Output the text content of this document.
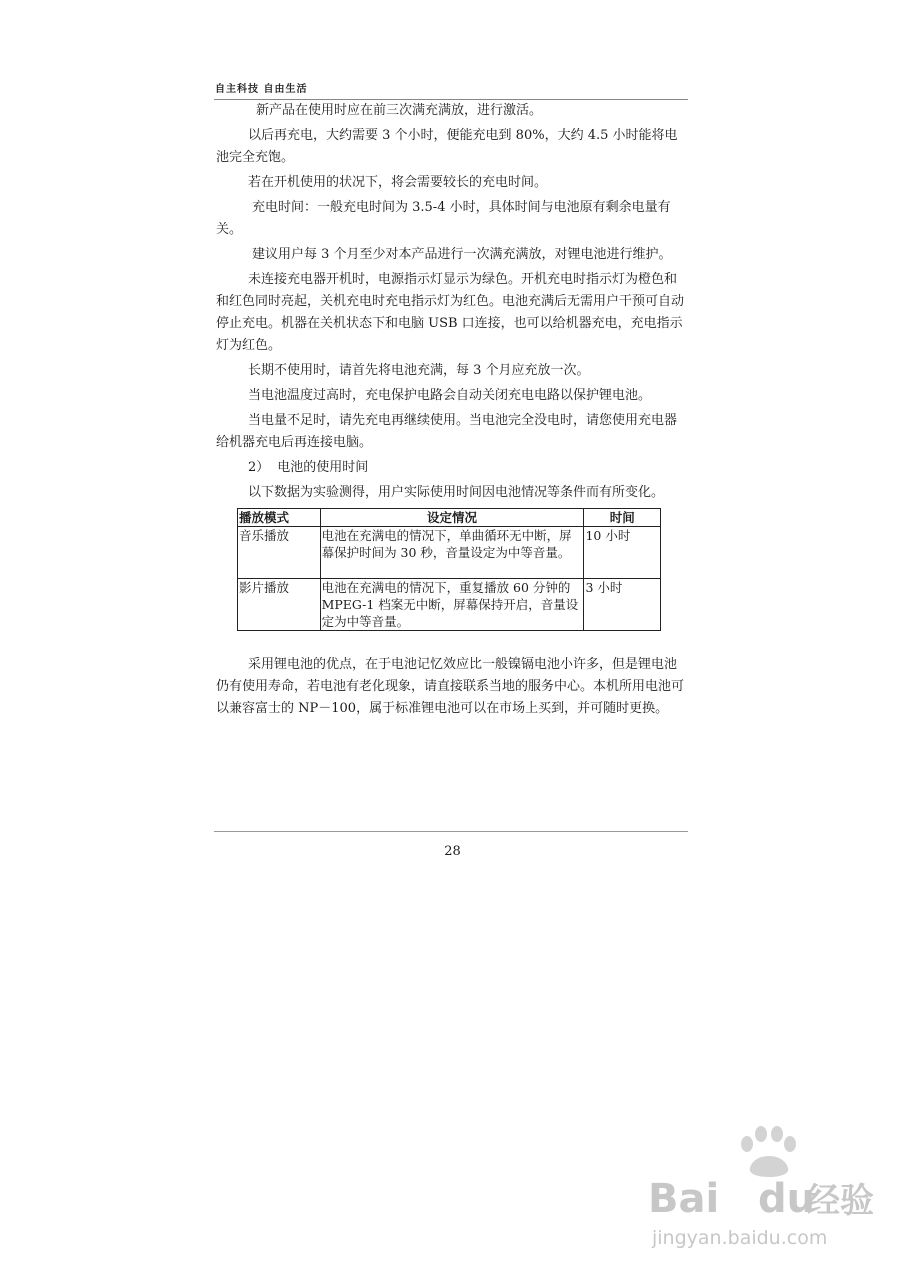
自主科技 自由生活

新产品在使用时应在前三次满充满放，进行激活。

以后再充电，大约需要 3 个小时，便能充电到 80%，大约 4.5 小时能将电池完全充饱。

若在开机使用的状况下，将会需要较长的充电时间。

充电时间：一般充电时间为 3.5-4 小时，具体时间与电池原有剩余电量有关。

建议用户每 3 个月至少对本产品进行一次满充满放，对锂电池进行维护。

未连接充电器开机时，电源指示灯显示为绿色。开机充电时指示灯为橙色和和红色同时亮起，关机充电时充电指示灯为红色。电池充满后无需用户干预可自动停止充电。机器在关机状态下和电脑 USB 口连接，也可以给机器充电，充电指示灯为红色。

长期不使用时，请首先将电池充满，每 3 个月应充放一次。

当电池温度过高时，充电保护电路会自动关闭充电电路以保护锂电池。

当电量不足时，请先充电再继续使用。当电池完全没电时，请您使用充电器给机器充电后再连接电脑。

2） 电池的使用时间

以下数据为实验测得，用户实际使用时间因电池情况等条件而有所变化。

播放模式	设定情况	时间
音乐播放	电池在充满电的情况下，单曲循环无中断，屏幕保护时间为 30 秒，音量设定为中等音量。	10 小时
影片播放	电池在充满电的情况下，重复播放 60 分钟的 MPEG-1 档案无中断，屏幕保持开启，音量设定为中等音量。	3 小时

采用锂电池的优点，在于电池记忆效应比一般镍镉电池小许多，但是锂电池仍有使用寿命，若电池有老化现象，请直接联系当地的服务中心。本机所用电池可以兼容富士的 NP－100，属于标准锂电池可以在市场上买到，并可随时更换。

28
Bai du
经验
jingyan.baidu.com
